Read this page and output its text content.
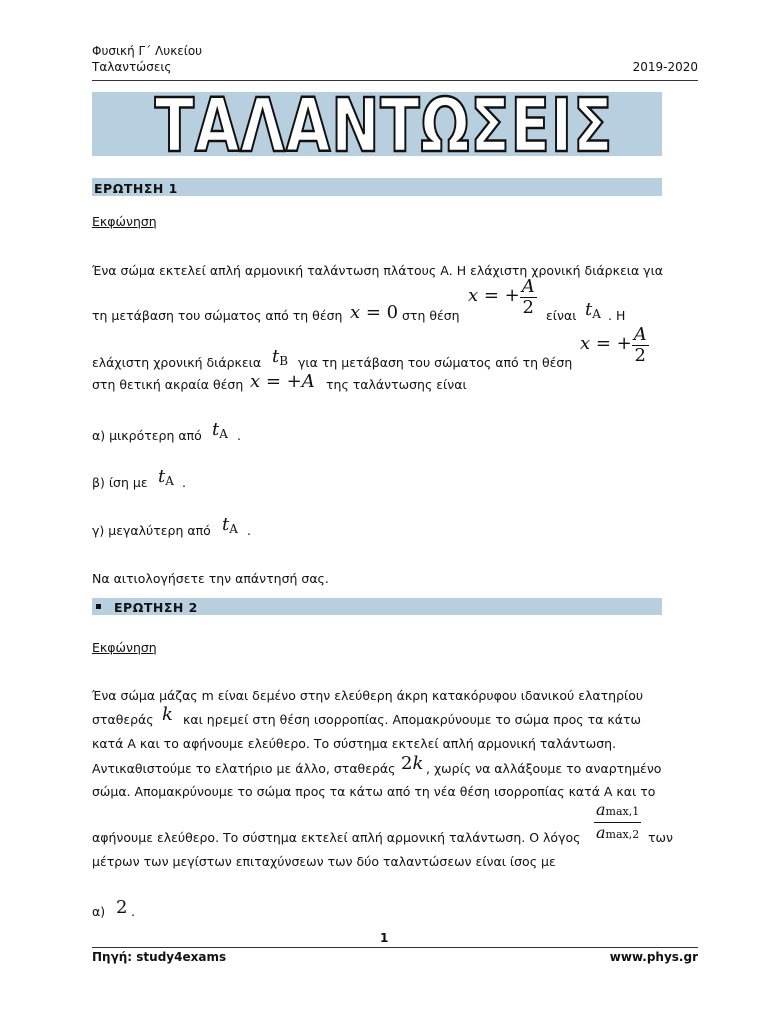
Φυσική Γ΄ Λυκείου
Ταλαντώσεις	2019-2020
ΤΑΛΑΝΤΩΣΕΙΣ
ΕΡΩΤΗΣΗ 1
Εκφώνηση
Ένα σώμα εκτελεί απλή αρμονική ταλάντωση πλάτους Α. Η ελάχιστη χρονική διάρκεια για
τη μετάβαση του σώματος από τη θέση x = 0 στη θέση
x = + $\frac{A}{2}$ είναι $t_A$ . Η
ελάχιστη χρονική διάρκεια $t_B$ για τη μετάβαση του σώματος από τη θέση
x = + $\frac{A}{2}$
στη θετική ακραία θέση x = +A της ταλάντωσης είναι
α) μικρότερη από $t_A$ .
β) ίση με $t_A$ .
γ) μεγαλύτερη από $t_A$ .
Να αιτιολογήσετε την απάντησή σας.
ΕΡΩΤΗΣΗ 2
Εκφώνηση
Ένα σώμα μάζας m είναι δεμένο στην ελεύθερη άκρη κατακόρυφου ιδανικού ελατηρίου
σταθεράς k και ηρεμεί στη θέση ισορροπίας. Απομακρύνουμε το σώμα προς τα κάτω
κατά Α και το αφήνουμε ελεύθερο. Το σύστημα εκτελεί απλή αρμονική ταλάντωση.
Αντικαθιστούμε το ελατήριο με άλλο, σταθεράς 2k , χωρίς να αλλάξουμε το αναρτημένο
σώμα. Απομακρύνουμε το σώμα προς τα κάτω από τη νέα θέση ισορροπίας κατά Α και το
αφήνουμε ελεύθερο. Το σύστημα εκτελεί απλή αρμονική ταλάντωση. Ο λόγος $\frac{amax,1}{amax,2}$ των
μέτρων των μεγίστων επιταχύνσεων των δύο ταλαντώσεων είναι ίσος με
α) 2 .
1
Πηγή: study4exams	www.phys.gr
